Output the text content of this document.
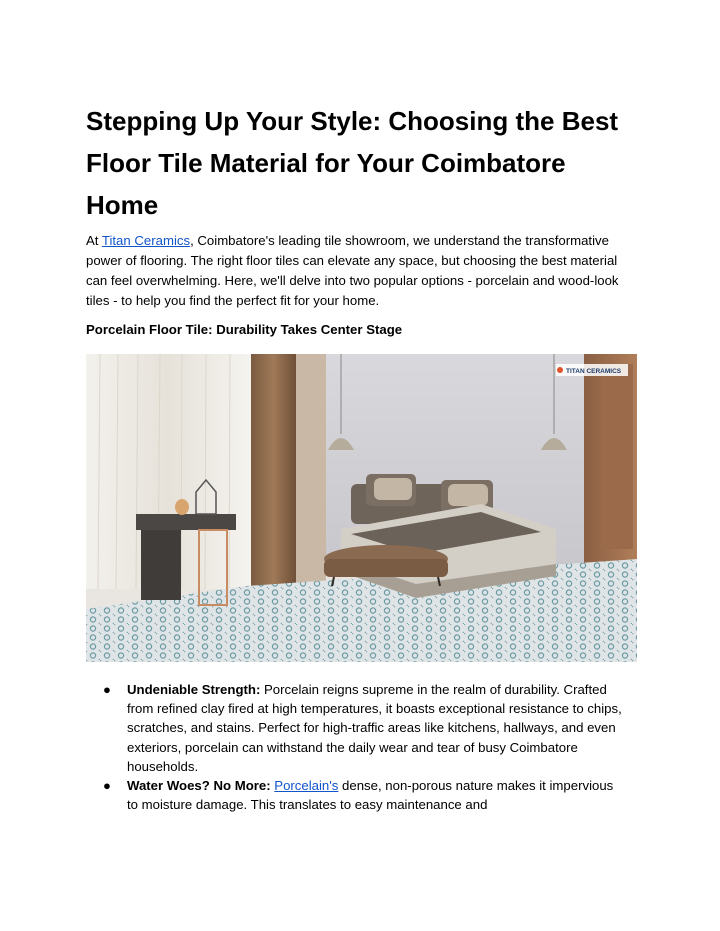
Stepping Up Your Style: Choosing the Best Floor Tile Material for Your Coimbatore Home

At Titan Ceramics, Coimbatore's leading tile showroom, we understand the transformative power of flooring. The right floor tiles can elevate any space, but choosing the best material can feel overwhelming. Here, we'll delve into two popular options - porcelain and wood-look tiles - to help you find the perfect fit for your home.

Porcelain Floor Tile: Durability Takes Center Stage

TITAN CERAMICS
● Undeniable Strength: Porcelain reigns supreme in the realm of durability. Crafted from refined clay fired at high temperatures, it boasts exceptional resistance to chips, scratches, and stains. Perfect for high-traffic areas like kitchens, hallways, and even exteriors, porcelain can withstand the daily wear and tear of busy Coimbatore households.
● Water Woes? No More: Porcelain's dense, non-porous nature makes it impervious to moisture damage. This translates to easy maintenance and
